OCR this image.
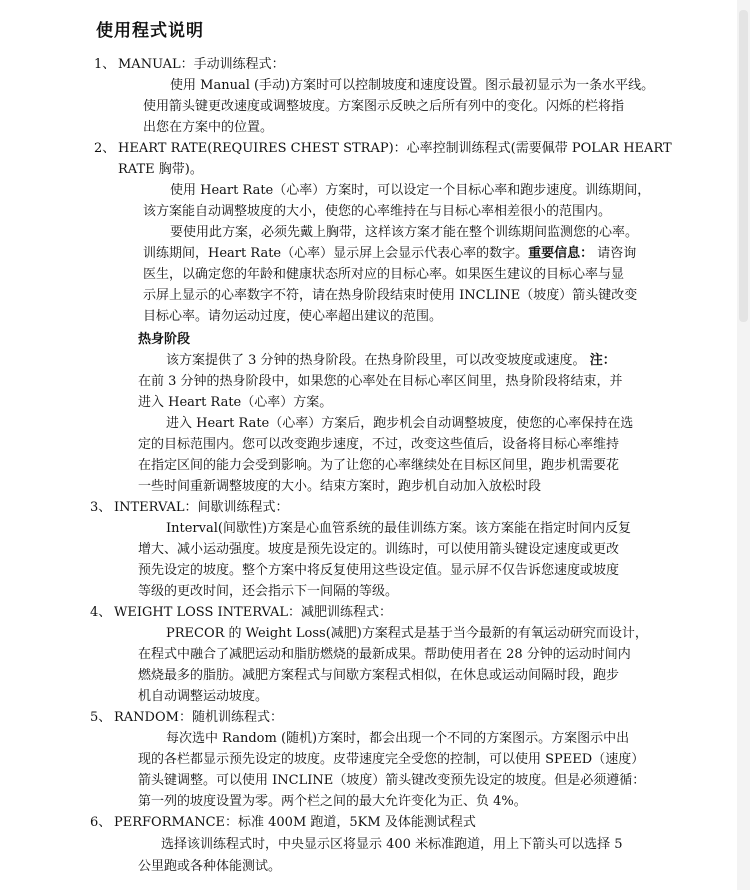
使用程式说明
1、 MANUAL：手动训练程式：
使用 Manual (手动)方案时可以控制坡度和速度设置。图示最初显示为一条水平线。
使用箭头键更改速度或调整坡度。方案图示反映之后所有列中的变化。闪烁的栏将指
出您在方案中的位置。
2、 HEART RATE(REQUIRES CHEST STRAP)：心率控制训练程式(需要佩带 POLAR HEART
RATE 胸带)。
使用 Heart Rate（心率）方案时，可以设定一个目标心率和跑步速度。训练期间，
该方案能自动调整坡度的大小，使您的心率维持在与目标心率相差很小的范围内。
要使用此方案，必须先戴上胸带，这样该方案才能在整个训练期间监测您的心率。
训练期间，Heart Rate（心率）显示屏上会显示代表心率的数字。重要信息： 请咨询
医生，以确定您的年龄和健康状态所对应的目标心率。如果医生建议的目标心率与显
示屏上显示的心率数字不符，请在热身阶段结束时使用 INCLINE（坡度）箭头键改变
目标心率。请勿运动过度，使心率超出建议的范围。
热身阶段
该方案提供了 3 分钟的热身阶段。在热身阶段里，可以改变坡度或速度。 注：
在前 3 分钟的热身阶段中，如果您的心率处在目标心率区间里，热身阶段将结束，并
进入 Heart Rate（心率）方案。
进入 Heart Rate（心率）方案后，跑步机会自动调整坡度，使您的心率保持在选
定的目标范围内。您可以改变跑步速度，不过，改变这些值后，设备将目标心率维持
在指定区间的能力会受到影响。为了让您的心率继续处在目标区间里，跑步机需要花
一些时间重新调整坡度的大小。结束方案时，跑步机自动加入放松时段
3、 INTERVAL：间歇训练程式：
Interval(间歇性)方案是心血管系统的最佳训练方案。该方案能在指定时间内反复
增大、减小运动强度。坡度是预先设定的。训练时，可以使用箭头键设定速度或更改
预先设定的坡度。整个方案中将反复使用这些设定值。显示屏不仅告诉您速度或坡度
等级的更改时间，还会指示下一间隔的等级。
4、 WEIGHT LOSS INTERVAL：减肥训练程式：
PRECOR 的 Weight Loss(减肥)方案程式是基于当今最新的有氧运动研究而设计，
在程式中融合了减肥运动和脂肪燃烧的最新成果。帮助使用者在 28 分钟的运动时间内
燃烧最多的脂肪。减肥方案程式与间歇方案程式相似，在休息或运动间隔时段，跑步
机自动调整运动坡度。
5、 RANDOM：随机训练程式：
每次选中 Random (随机)方案时，都会出现一个不同的方案图示。方案图示中出
现的各栏都显示预先设定的坡度。皮带速度完全受您的控制，可以使用 SPEED（速度）
箭头键调整。可以使用 INCLINE（坡度）箭头键改变预先设定的坡度。但是必须遵循：
第一列的坡度设置为零。两个栏之间的最大允许变化为正、负 4%。
6、 PERFORMANCE：标准 400M 跑道，5KM 及体能测试程式
选择该训练程式时，中央显示区将显示 400 米标准跑道，用上下箭头可以选择 5
公里跑或各种体能测试。
